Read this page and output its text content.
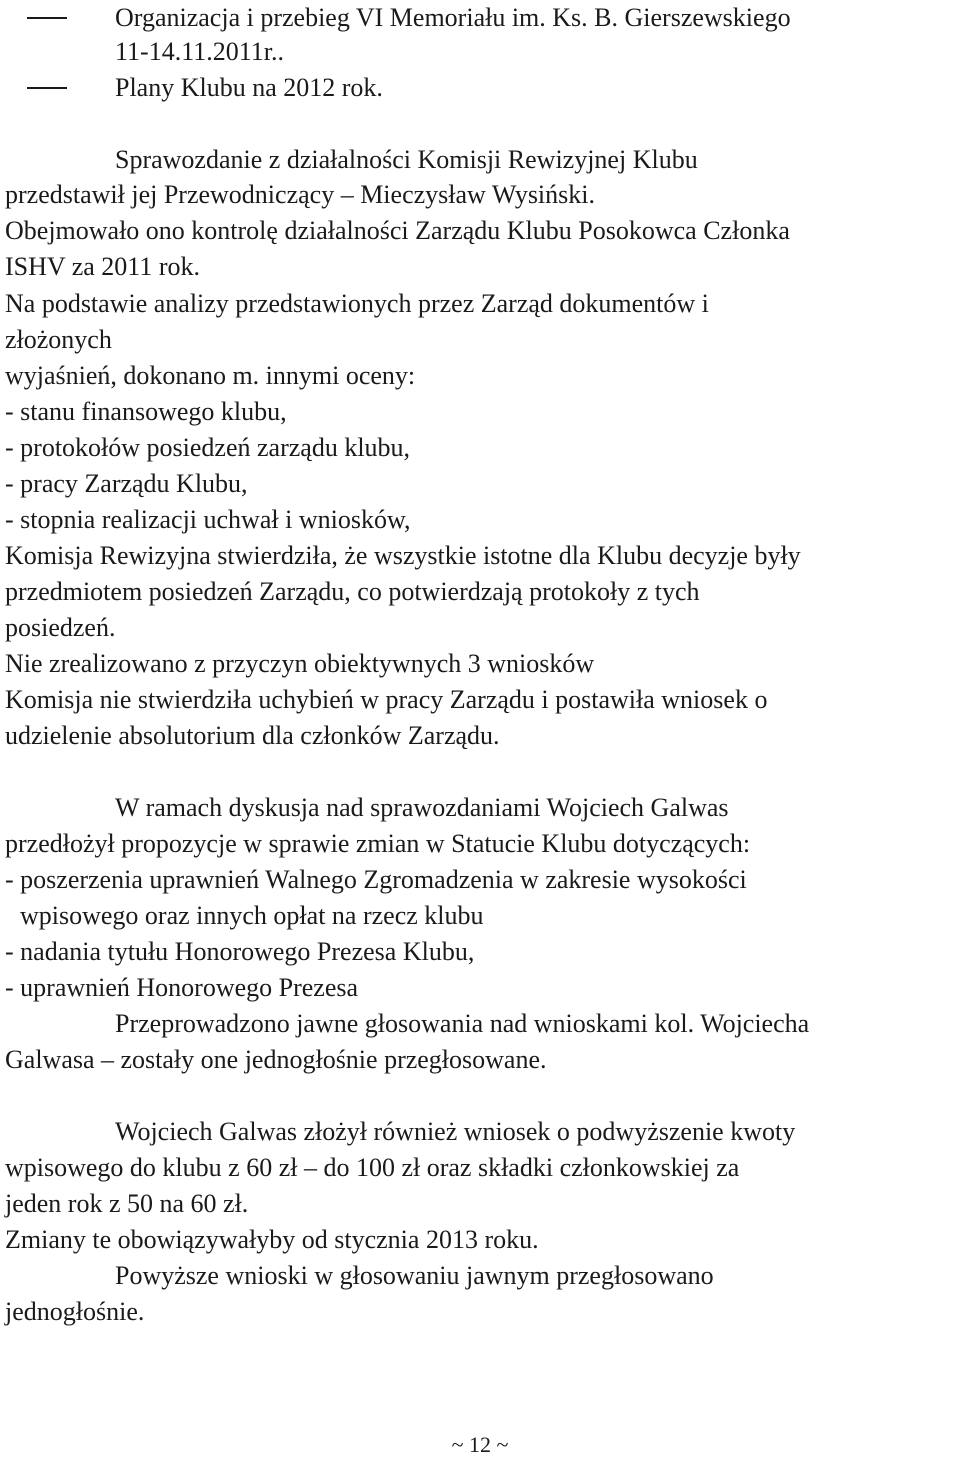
Organizacja i przebieg VI Memoriału im. Ks. B. Gierszewskiego

11-14.11.2011r..

Plany Klubu na 2012 rok.

Sprawozdanie z działalności Komisji Rewizyjnej Klubu

przedstawił jej Przewodniczący – Mieczysław Wysiński.

Obejmowało ono kontrolę działalności Zarządu Klubu Posokowca Członka

ISHV za 2011 rok.

Na podstawie analizy przedstawionych przez Zarząd dokumentów i

złożonych

wyjaśnień, dokonano m. innymi oceny:

- stanu finansowego klubu,

- protokołów posiedzeń zarządu klubu,

- pracy Zarządu Klubu,

- stopnia realizacji uchwał i wniosków,

Komisja Rewizyjna stwierdziła, że wszystkie istotne dla Klubu decyzje były

przedmiotem posiedzeń Zarządu, co potwierdzają protokoły z tych

posiedzeń.

Nie zrealizowano z przyczyn obiektywnych 3 wniosków

Komisja nie stwierdziła uchybień w pracy Zarządu i postawiła wniosek o

udzielenie absolutorium dla członków Zarządu.

W ramach dyskusja nad sprawozdaniami Wojciech Galwas

przedłożył propozycje w sprawie zmian w Statucie Klubu dotyczących:

- poszerzenia uprawnień Walnego Zgromadzenia w zakresie wysokości

wpisowego oraz innych opłat na rzecz klubu

- nadania tytułu Honorowego Prezesa Klubu,

- uprawnień Honorowego Prezesa

Przeprowadzono jawne głosowania nad wnioskami kol. Wojciecha

Galwasa – zostały one jednogłośnie przegłosowane.

Wojciech Galwas złożył również wniosek o podwyższenie kwoty

wpisowego do klubu z 60 zł – do 100 zł oraz składki członkowskiej za

jeden rok z 50 na 60 zł.

Zmiany te obowiązywałyby od stycznia 2013 roku.

Powyższe wnioski w głosowaniu jawnym przegłosowano

jednogłośnie.

~ 12 ~
